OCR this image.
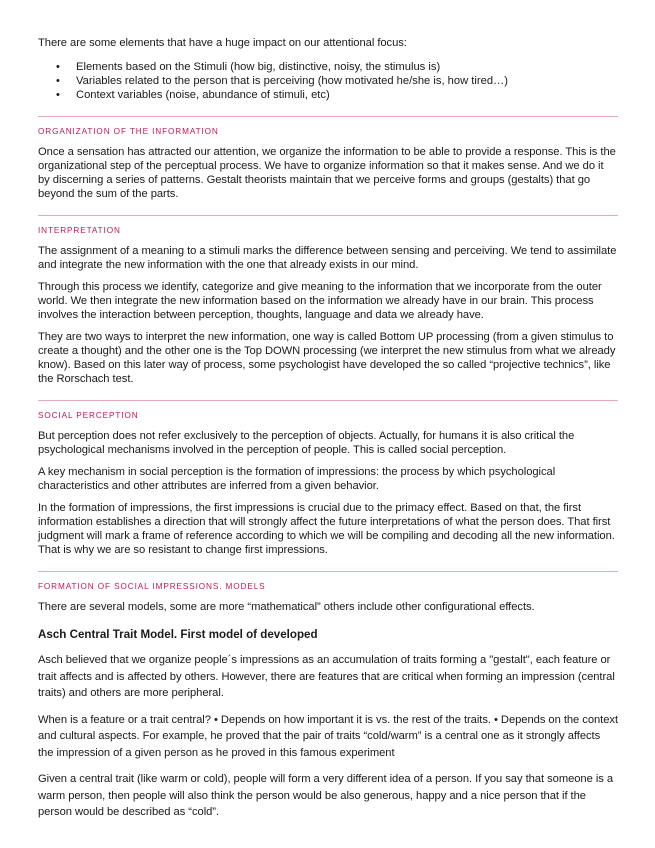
There are some elements that have a huge impact on our attentional focus:

• Elements based on the Stimuli (how big, distinctive, noisy, the stimulus is)
• Variables related to the person that is perceiving (how motivated he/she is, how tired…)
• Context variables (noise, abundance of stimuli, etc)
ORGANIZATION OF THE INFORMATION

Once a sensation has attracted our attention, we organize the information to be able to provide a response. This is the organizational step of the perceptual process. We have to organize information so that it makes sense. And we do it by discerning a series of patterns. Gestalt theorists maintain that we perceive forms and groups (gestalts) that go beyond the sum of the parts.

INTERPRETATION

The assignment of a meaning to a stimuli marks the difference between sensing and perceiving. We tend to assimilate and integrate the new information with the one that already exists in our mind.

Through this process we identify, categorize and give meaning to the information that we incorporate from the outer world. We then integrate the new information based on the information we already have in our brain. This process involves the interaction between perception, thoughts, language and data we already have.

They are two ways to interpret the new information, one way is called Bottom UP processing (from a given stimulus to create a thought) and the other one is the Top DOWN processing (we interpret the new stimulus from what we already know). Based on this later way of process, some psychologist have developed the so called “projective technics”, like the Rorschach test.

SOCIAL PERCEPTION

But perception does not refer exclusively to the perception of objects. Actually, for humans it is also critical the psychological mechanisms involved in the perception of people. This is called social perception.

A key mechanism in social perception is the formation of impressions: the process by which psychological characteristics and other attributes are inferred from a given behavior.

In the formation of impressions, the first impressions is crucial due to the primacy effect. Based on that, the first information establishes a direction that will strongly affect the future interpretations of what the person does. That first judgment will mark a frame of reference according to which we will be compiling and decoding all the new information. That is why we are so resistant to change first impressions.

FORMATION OF SOCIAL IMPRESSIONS. MODELS

There are several models, some are more “mathematical” others include other configurational effects.

Asch Central Trait Model. First model of developed

Asch believed that we organize people´s impressions as an accumulation of traits forming a "gestalt", each feature or trait affects and is affected by others. However, there are features that are critical when forming an impression (central traits) and others are more peripheral.

When is a feature or a trait central? • Depends on how important it is vs. the rest of the traits. • Depends on the context and cultural aspects. For example, he proved that the pair of traits “cold/warm” is a central one as it strongly affects the impression of a given person as he proved in this famous experiment

Given a central trait (like warm or cold), people will form a very different idea of a person. If you say that someone is a warm person, then people will also think the person would be also generous, happy and a nice person that if the person would be described as “cold”.
